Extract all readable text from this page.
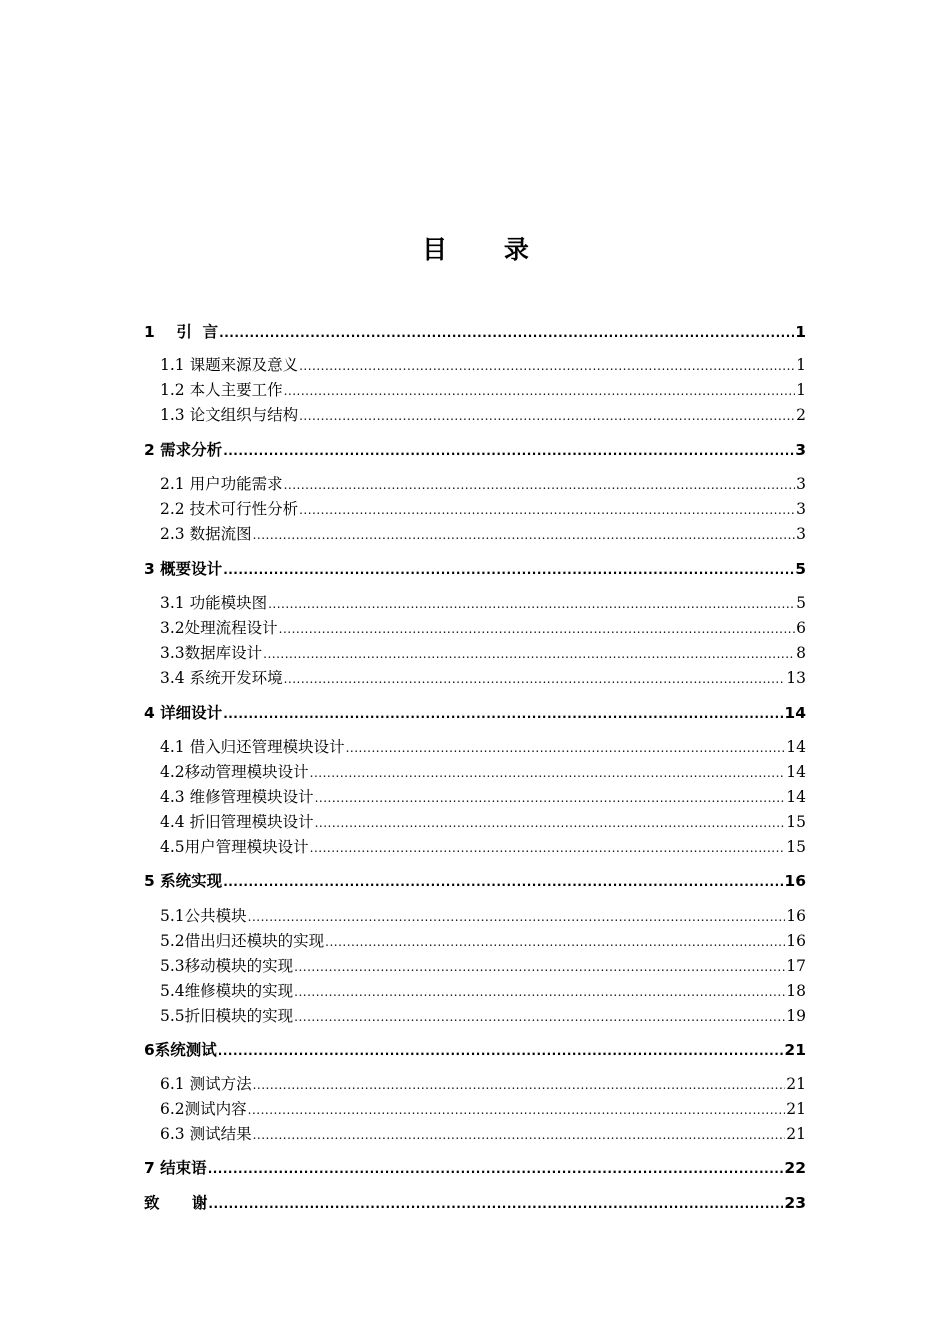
目 录
1    引  言 .....	1
1.1 课题来源及意义 .....	1
1.2 本人主要工作 .....	1
1.3 论文组织与结构 .....	2
2 需求分析 .....	3
2.1 用户功能需求 .....	3
2.2 技术可行性分析 .....	3
2.3 数据流图 .....	3
3 概要设计 .....	5
3.1 功能模块图 .....	5
3.2处理流程设计 .....	6
3.3数据库设计 .....	8
3.4 系统开发环境 .....	13
4 详细设计 .....	14
4.1 借入归还管理模块设计 .....	14
4.2移动管理模块设计 .....	14
4.3 维修管理模块设计 .....	14
4.4 折旧管理模块设计 .....	15
4.5用户管理模块设计 .....	15
5 系统实现 .....	16
5.1公共模块 .....	16
5.2借出归还模块的实现 .....	16
5.3移动模块的实现 .....	17
5.4维修模块的实现 .....	18
5.5折旧模块的实现 .....	19
6系统测试 .....	21
6.1 测试方法 .....	21
6.2测试内容 .....	21
6.3 测试结果 .....	21
7 结束语 .....	22
致      谢 .....	23
